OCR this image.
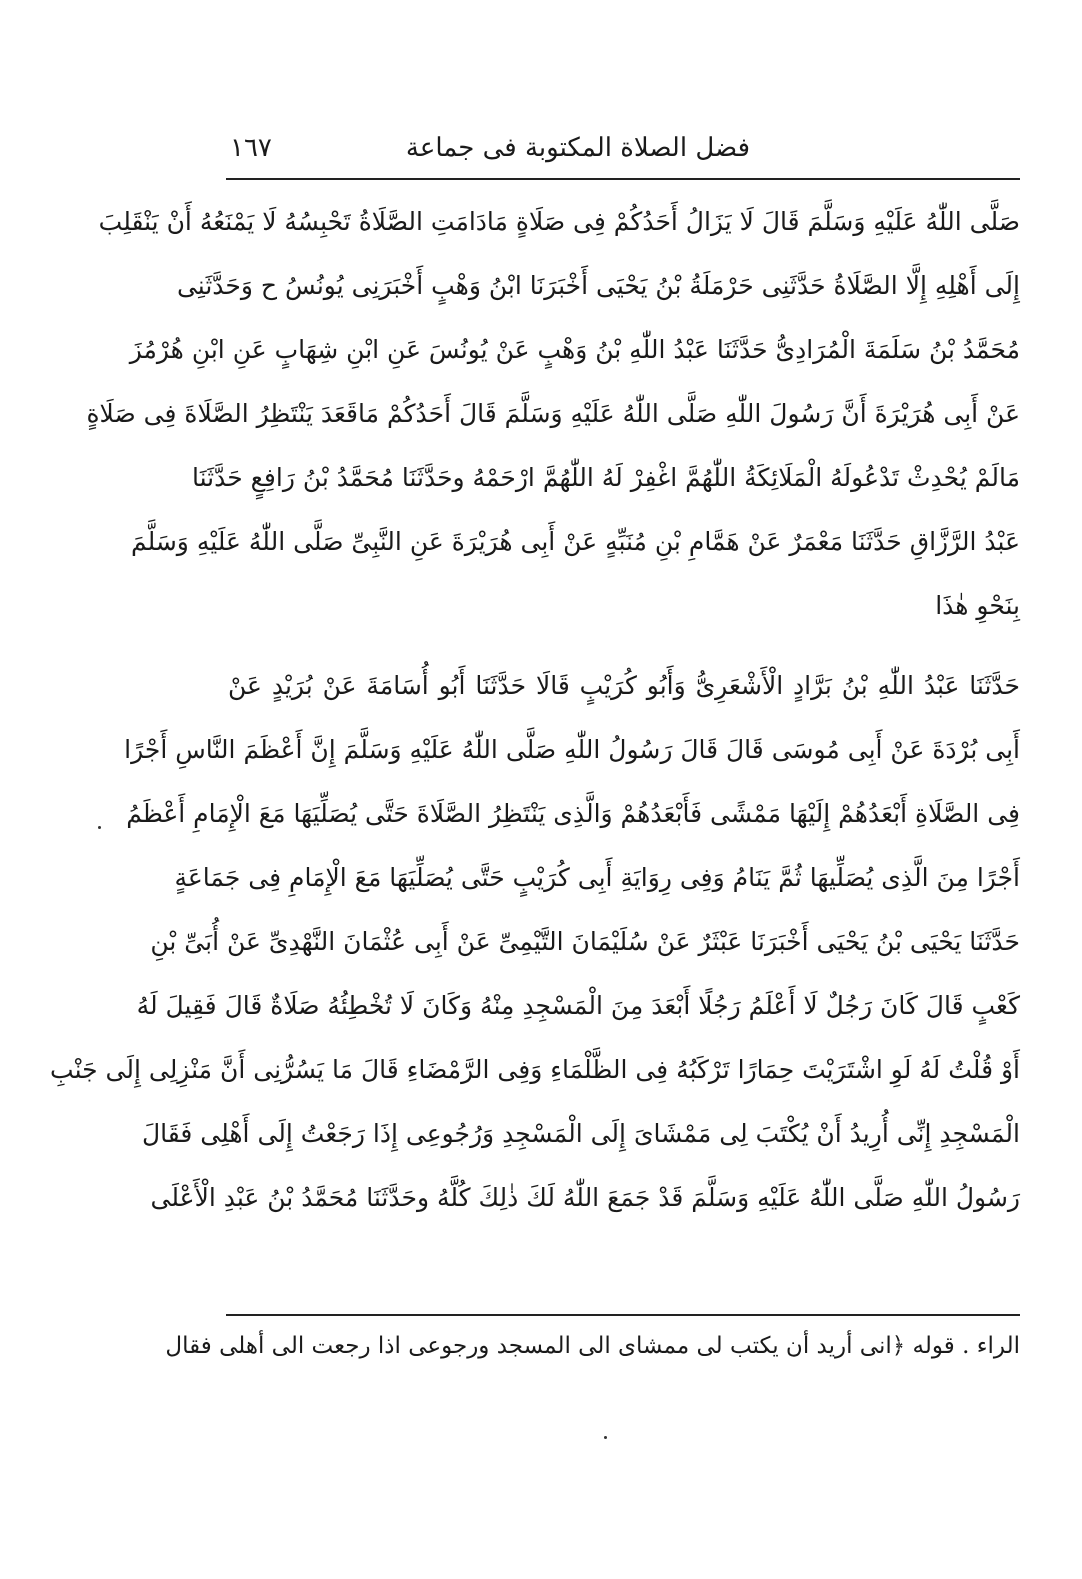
فضل الصلاة المكتوبة فى جماعة
١٦٧

صَلَّى اللّٰهُ عَلَيْهِ وَسَلَّمَ قَالَ لَا يَزَالُ أَحَدُكُمْ فِى صَلَاةٍ مَادَامَتِ الصَّلَاةُ تَحْبِسُهُ لَا يَمْنَعُهُ أَنْ يَنْقَلِبَ
إِلَى أَهْلِهِ إِلَّا الصَّلَاةُ حَدَّثَنِى حَرْمَلَةُ بْنُ يَحْيَى أَخْبَرَنَا ابْنُ وَهْبٍ أَخْبَرَنِى يُونُسُ ح وَحَدَّثَنِى
مُحَمَّدُ بْنُ سَلَمَةَ الْمُرَادِىُّ حَدَّثَنَا عَبْدُ اللّٰهِ بْنُ وَهْبٍ عَنْ يُونُسَ عَنِ ابْنِ شِهَابٍ عَنِ ابْنِ هُرْمُزَ
عَنْ أَبِى هُرَيْرَةَ أَنَّ رَسُولَ اللّٰهِ صَلَّى اللّٰهُ عَلَيْهِ وَسَلَّمَ قَالَ أَحَدُكُمْ مَاقَعَدَ يَنْتَظِرُ الصَّلَاةَ فِى صَلَاةٍ
مَالَمْ يُحْدِثْ تَدْعُولَهُ الْمَلَائِكَةُ اللّٰهُمَّ اغْفِرْ لَهُ اللّٰهُمَّ ارْحَمْهُ وحَدَّثَنَا مُحَمَّدُ بْنُ رَافِعٍ حَدَّثَنَا
عَبْدُ الرَّزَّاقِ حَدَّثَنَا مَعْمَرٌ عَنْ هَمَّامِ بْنِ مُنَبِّهٍ عَنْ أَبِى هُرَيْرَةَ عَنِ النَّبِىِّ صَلَّى اللّٰهُ عَلَيْهِ وَسَلَّمَ
بِنَحْوِ هٰذَا

حَدَّثَنَا عَبْدُ اللّٰهِ بْنُ بَرَّادٍ الْأَشْعَرِىُّ وَأَبُو كُرَيْبٍ قَالَا حَدَّثَنَا أَبُو أُسَامَةَ عَنْ بُرَيْدٍ عَنْ
أَبِى بُرْدَةَ عَنْ أَبِى مُوسَى قَالَ قَالَ رَسُولُ اللّٰهِ صَلَّى اللّٰهُ عَلَيْهِ وَسَلَّمَ إِنَّ أَعْظَمَ النَّاسِ أَجْرًا
فِى الصَّلَاةِ أَبْعَدُهُمْ إِلَيْهَا مَمْشًى فَأَبْعَدُهُمْ وَالَّذِى يَنْتَظِرُ الصَّلَاةَ حَتَّى يُصَلِّيَهَا مَعَ الْإِمَامِ أَعْظَمُ
أَجْرًا مِنَ الَّذِى يُصَلِّيهَا ثُمَّ يَنَامُ وَفِى رِوَايَةِ أَبِى كُرَيْبٍ حَتَّى يُصَلِّيَهَا مَعَ الْإِمَامِ فِى جَمَاعَةٍ
حَدَّثَنَا يَحْيَى بْنُ يَحْيَى أَخْبَرَنَا عَبْثَرٌ عَنْ سُلَيْمَانَ التَّيْمِىِّ عَنْ أَبِى عُثْمَانَ النَّهْدِىِّ عَنْ أُبَىِّ بْنِ
كَعْبٍ قَالَ كَانَ رَجُلٌ لَا أَعْلَمُ رَجُلًا أَبْعَدَ مِنَ الْمَسْجِدِ مِنْهُ وَكَانَ لَا تُخْطِئُهُ صَلَاةٌ قَالَ فَقِيلَ لَهُ
أَوْ قُلْتُ لَهُ لَوِ اشْتَرَيْتَ حِمَارًا تَرْكَبُهُ فِى الظَّلْمَاءِ وَفِى الرَّمْضَاءِ قَالَ مَا يَسُرُّنِى أَنَّ مَنْزِلِى إِلَى جَنْبِ
الْمَسْجِدِ إِنِّى أُرِيدُ أَنْ يُكْتَبَ لِى مَمْشَاىَ إِلَى الْمَسْجِدِ وَرُجُوعِى إِذَا رَجَعْتُ إِلَى أَهْلِى فَقَالَ
رَسُولُ اللّٰهِ صَلَّى اللّٰهُ عَلَيْهِ وَسَلَّمَ قَدْ جَمَعَ اللّٰهُ لَكَ ذٰلِكَ كُلَّهُ وحَدَّثَنَا مُحَمَّدُ بْنُ عَبْدِ الْأَعْلَى

الراء . قوله ﴿انى أريد أن يكتب لى ممشاى الى المسجد ورجوعى اذا رجعت الى أهلى فقال
